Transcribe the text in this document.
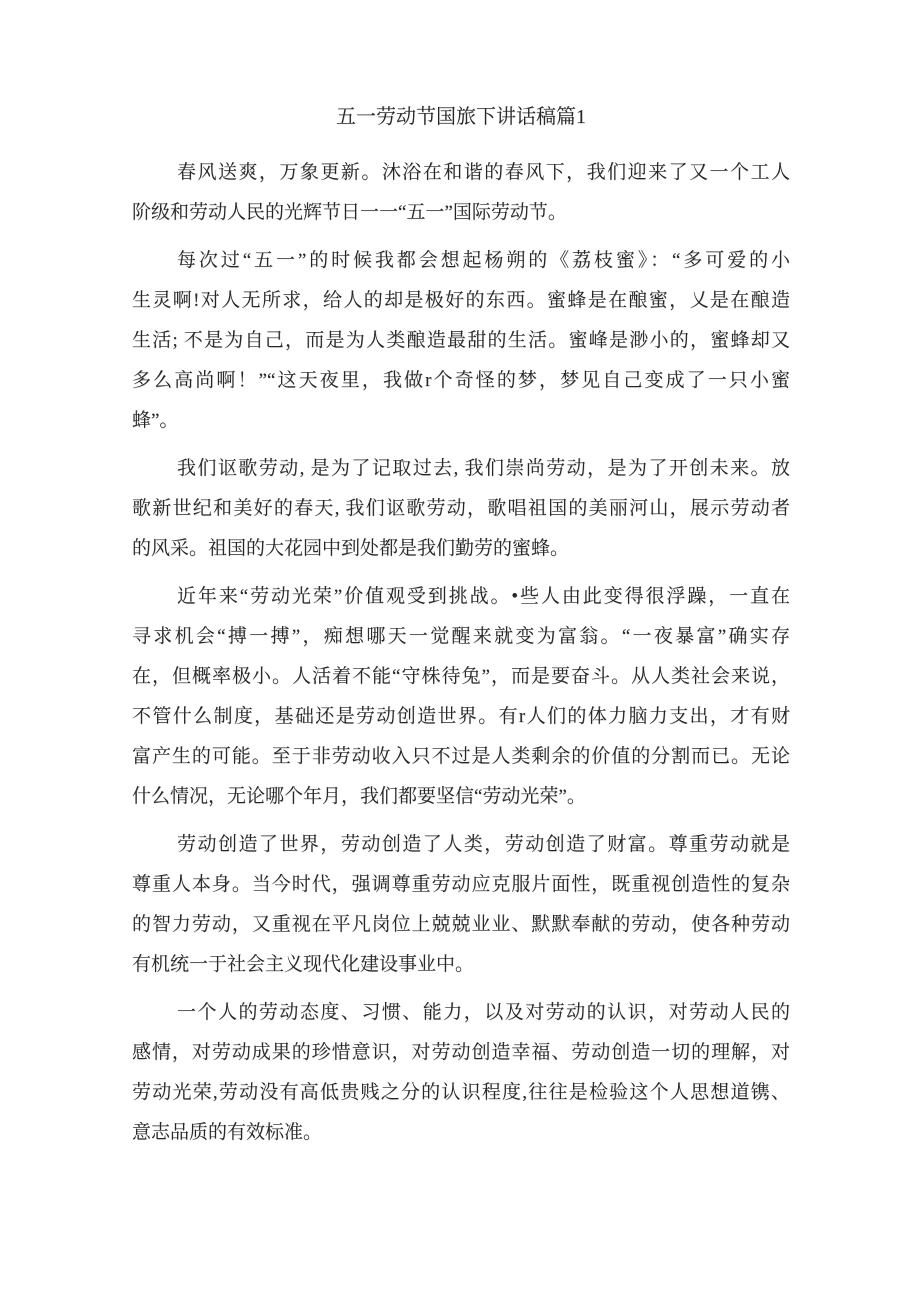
五一劳动节国旅下讲话稿篇1
春风送爽，万象更新。沐浴在和谐的春风下，我们迎来了又一个工人
阶级和劳动人民的光辉节日一一“五一”国际劳动节。
每次过“五一”的时候我都会想起杨朔的《荔枝蜜》：“多可爱的小
生灵啊!对人无所求，给人的却是极好的东西。蜜蜂是在酿蜜，乂是在酿造
生活; 不是为自己，而是为人类酿造最甜的生活。蜜峰是渺小的，蜜蜂却又
多么高尚啊！”“这天夜里，我做r个奇怪的梦，梦见自己变成了一只小蜜
蜂”。
我们讴歌劳动, 是为了记取过去, 我们崇尚劳动，是为了开创未来。放
歌新世纪和美好的春天, 我们讴歌劳动，歌唱祖国的美丽河山，展示劳动者
的风采。祖国的大花园中到处都是我们勤劳的蜜蜂。
近年来“劳动光荣”价值观受到挑战。•些人由此变得很浮躁，一直在
寻求机会“搏一搏”，痴想哪天一觉醒来就变为富翁。“一夜暴富”确实存
在，但概率极小。人活着不能“守株待兔”，而是要奋斗。从人类社会来说，
不管什么制度，基础还是劳动创造世界。有r人们的体力脑力支出，才有财
富产生的可能。至于非劳动收入只不过是人类剩余的价值的分割而已。无论
什么情况，无论哪个年月，我们都要坚信“劳动光荣”。
劳动创造了世界，劳动创造了人类，劳动创造了财富。尊重劳动就是
尊重人本身。当今时代，强调尊重劳动应克服片面性，既重视创造性的复杂
的智力劳动，又重视在平凡岗位上兢兢业业、默默奉献的劳动，使各种劳动
有机统一于社会主义现代化建设事业中。
一个人的劳动态度、习惯、能力，以及对劳动的认识，对劳动人民的
感情，对劳动成果的珍惜意识，对劳动创造幸福、劳动创造一切的理解，对
劳动光荣,劳动没有高低贵贱之分的认识程度,往往是检验这个人思想道镌、
意志品质的有效标准。
